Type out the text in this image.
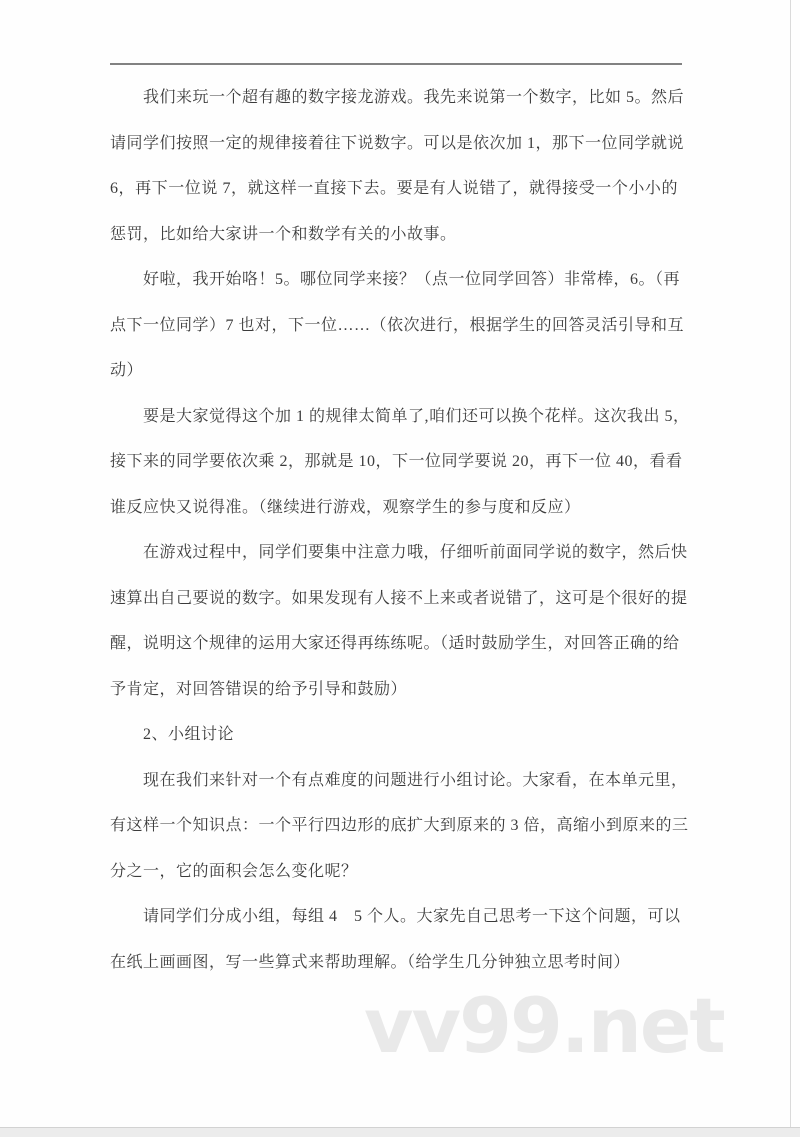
我们来玩一个超有趣的数字接龙游戏。我先来说第一个数字，比如 5。然后
请同学们按照一定的规律接着往下说数字。可以是依次加 1，那下一位同学就说
6，再下一位说 7，就这样一直接下去。要是有人说错了，就得接受一个小小的
惩罚，比如给大家讲一个和数学有关的小故事。
好啦，我开始咯！5。哪位同学来接？（点一位同学回答）非常棒，6。（再
点下一位同学）7 也对，下一位……（依次进行，根据学生的回答灵活引导和互
动）
要是大家觉得这个加 1 的规律太简单了,咱们还可以换个花样。这次我出 5，
接下来的同学要依次乘 2，那就是 10，下一位同学要说 20，再下一位 40，看看
谁反应快又说得准。（继续进行游戏，观察学生的参与度和反应）
在游戏过程中，同学们要集中注意力哦，仔细听前面同学说的数字，然后快
速算出自己要说的数字。如果发现有人接不上来或者说错了，这可是个很好的提
醒，说明这个规律的运用大家还得再练练呢。（适时鼓励学生，对回答正确的给
予肯定，对回答错误的给予引导和鼓励）
2、小组讨论
现在我们来针对一个有点难度的问题进行小组讨论。大家看，在本单元里，
有这样一个知识点：一个平行四边形的底扩大到原来的 3 倍，高缩小到原来的三
分之一，它的面积会怎么变化呢？
请同学们分成小组，每组 4　5 个人。大家先自己思考一下这个问题，可以
在纸上画画图，写一些算式来帮助理解。（给学生几分钟独立思考时间）
vv99.net
